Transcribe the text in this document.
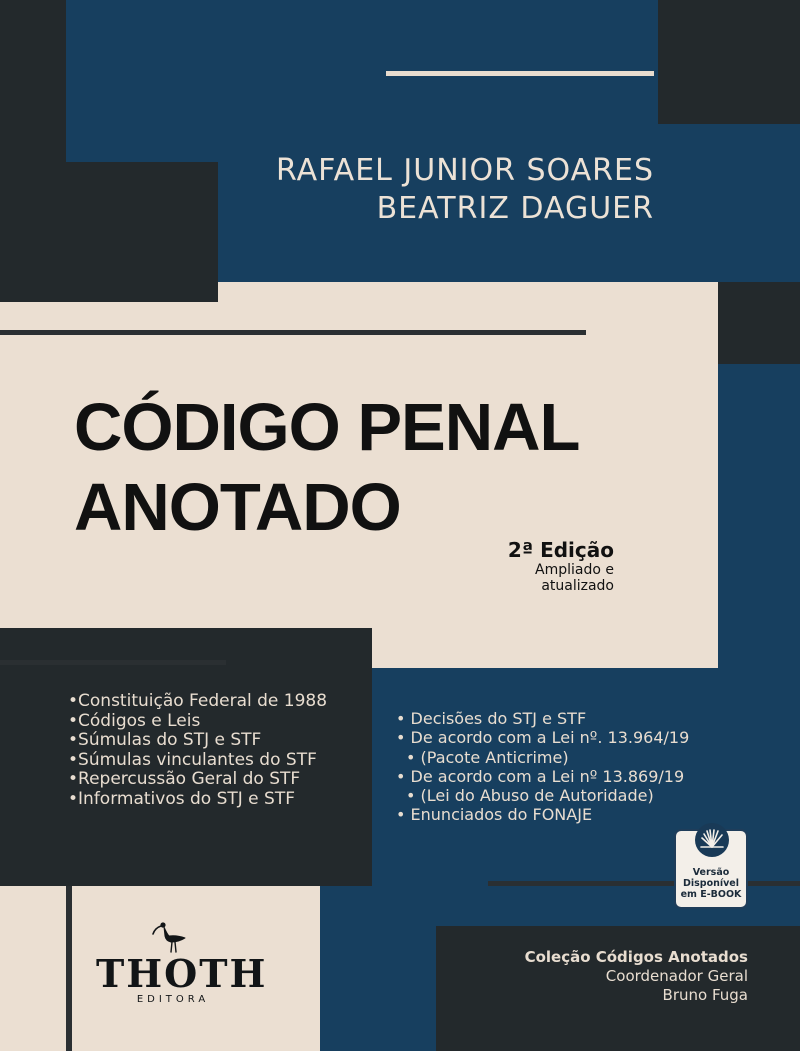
RAFAEL JUNIOR SOARES
BEATRIZ DAGUER
CÓDIGO PENAL
ANOTADO
2ª Edição
Ampliado e
atualizado
• Constituição Federal de 1988
• Códigos e Leis
• Súmulas do STJ e STF
• Súmulas vinculantes do STF
• Repercussão Geral do STF
• Informativos do STJ e STF
• Decisões do STJ e STF
• De acordo com a Lei nº. 13.964/19
• (Pacote Anticrime)
• De acordo com a Lei nº 13.869/19
• (Lei do Abuso de Autoridade)
• Enunciados do FONAJE
Versão
Disponível
em E-BOOK
THOTH
EDITORA
Coleção Códigos Anotados
Coordenador Geral
Bruno Fuga
